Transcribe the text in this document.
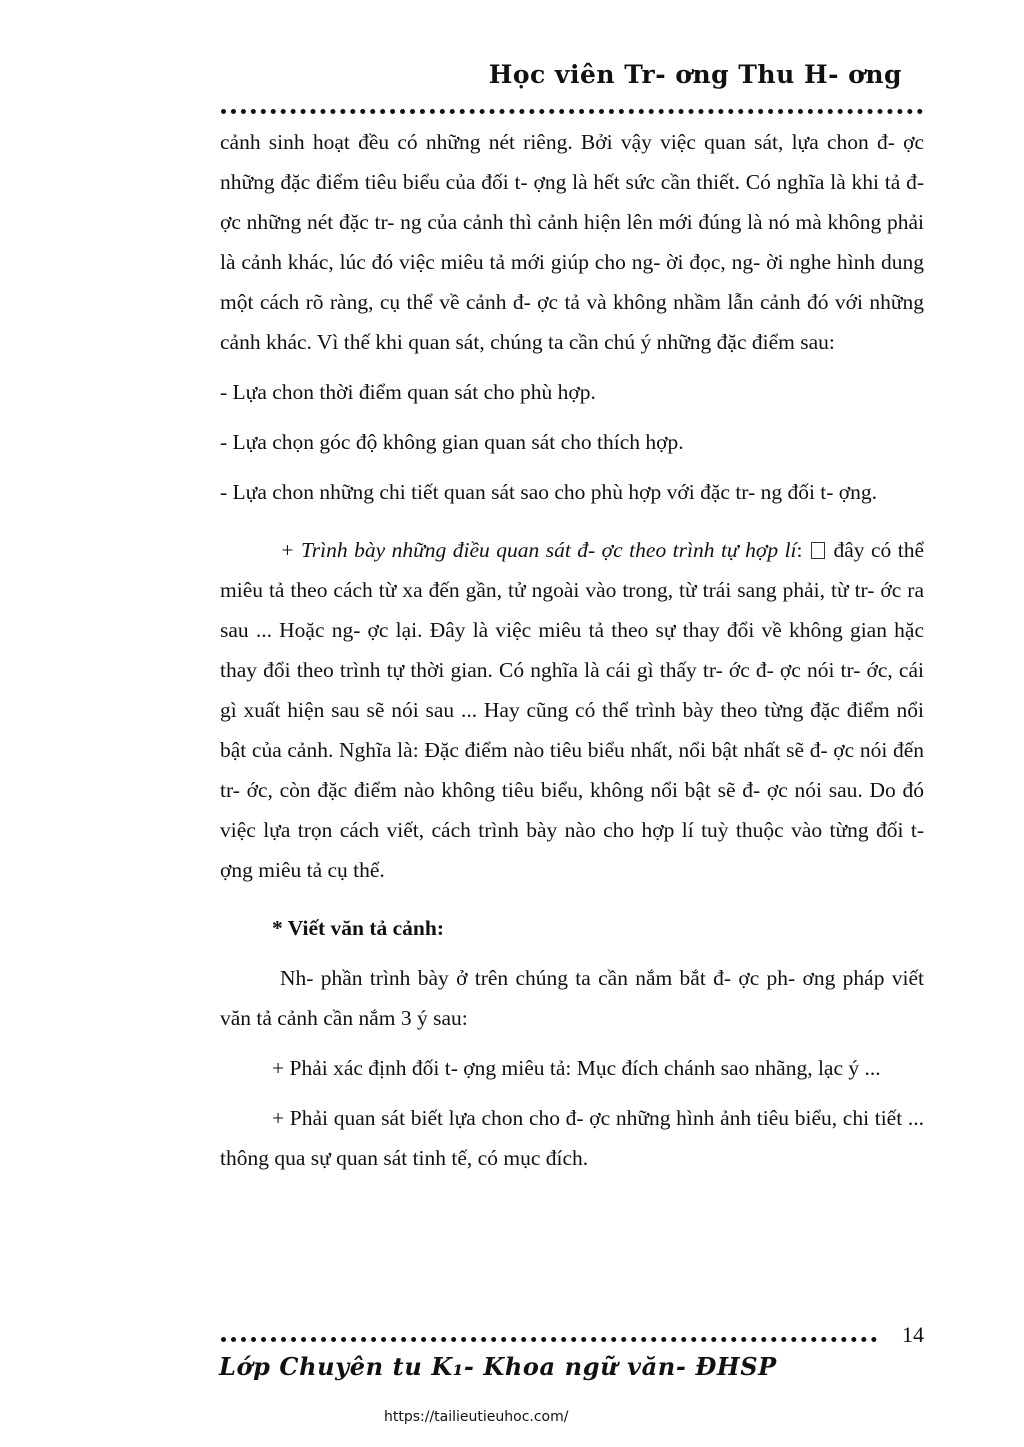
Học viên Tr- ơng Thu H- ơng

cảnh sinh hoạt đều có những nét riêng. Bởi vậy việc quan sát, lựa chon đ- ợc những đặc điểm tiêu biểu của đối t- ợng là hết sức cần thiết. Có nghĩa là khi tả đ- ợc những nét đặc tr- ng của cảnh thì cảnh hiện lên mới đúng là nó mà không phải là cảnh khác, lúc đó việc miêu tả mới giúp cho ng- ời đọc, ng- ời nghe hình dung một cách rõ ràng, cụ thể về cảnh đ- ợc tả và không nhầm lẫn cảnh đó với những cảnh khác. Vì thế khi quan sát, chúng ta cần chú ý những đặc điểm sau:

- Lựa chon thời điểm quan sát cho phù hợp.

- Lựa chọn góc độ không gian quan sát cho thích hợp.

- Lựa chon những chi tiết quan sát sao cho phù hợp với đặc tr- ng đối t- ợng.

+ Trình bày những điều quan sát đ- ợc theo trình tự hợp lí:  đây có thể miêu tả theo cách từ xa đến gần, tử ngoài vào trong, từ trái sang phải, từ tr- ớc ra sau ... Hoặc ng- ợc lại. Đây là việc miêu tả theo sự thay đổi về không gian hặc thay đổi theo trình tự thời gian. Có nghĩa là cái gì thấy tr- ớc đ- ợc nói tr- ớc, cái gì xuất hiện sau sẽ nói sau ... Hay cũng có thể trình bày theo từng đặc điểm nổi bật của cảnh. Nghĩa là: Đặc điểm nào tiêu biểu nhất, nổi bật nhất sẽ đ- ợc nói đến tr- ớc, còn đặc điểm nào không tiêu biểu, không nổi bật sẽ đ- ợc nói sau. Do đó việc lựa trọn cách viết, cách trình bày nào cho hợp lí tuỳ thuộc vào từng đối t- ợng miêu tả cụ thể.

* Viết văn tả cảnh:

Nh- phần trình bày ở trên chúng ta cần nắm bắt đ- ợc ph- ơng pháp viết văn tả cảnh cần nắm 3 ý sau:

+ Phải xác định đối t- ợng miêu tả: Mục đích chánh sao nhãng, lạc ý ...

+ Phải quan sát biết lựa chon cho đ- ợc những hình ảnh tiêu biểu, chi tiết ... thông qua sự quan sát tinh tế, có mục đích.

14
Lớp Chuyên tu K₁- Khoa ngữ văn- ĐHSP
https://tailieutieuhoc.com/
